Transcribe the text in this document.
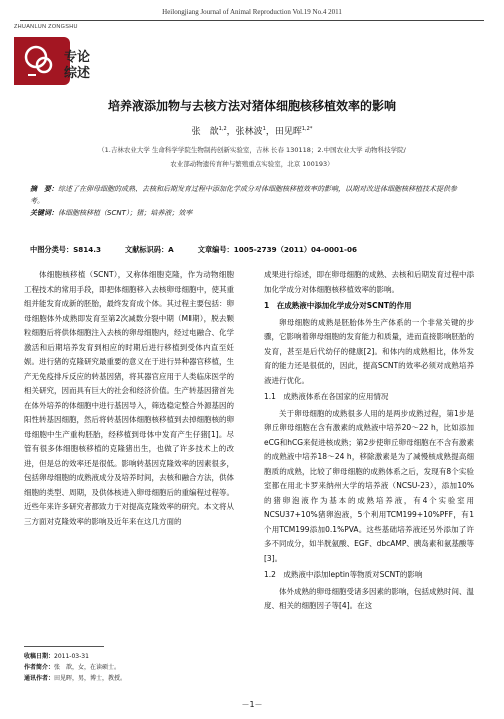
Heilongjiang Journal of Animal Reproduction Vol.19 No.4 2011
ZHUANLUN ZONGSHU
专论
综述
培养液添加物与去核方法对猪体细胞核移植效率的影响
张　歆$^{1,2}$，张林波$^1$，田见晖$^{1,2*}$
（1.吉林农业大学 生命科学学院生物制药创新实验室，吉林 长春 130118；2.中国农业大学 动物科技学院/
农业部动物遗传育种与繁殖重点实验室，北京 100193）
摘　要：综述了在卵母细胞的成熟、去核和后期发育过程中添加化学成分对体细胞核移植效率的影响，以期对改进体细胞核移植技术提供参考。
关键词：体细胞核移植（SCNT）；猪；培养液；效率
中图分类号：S814.3	文献标识码：A	文章编号：1005-2739（2011）04-0001-06

体细胞核移植（SCNT），又称体细胞克隆，作为动物细胞工程技术的常用手段，即把体细胞移入去核卵母细胞中，使其重组并能发育成新的胚胎，最终发育成个体。其过程主要包括：卵母细胞体外成熟即发育至第2次减数分裂中期（MⅡ期），脱去颗粒细胞后将供体细胞注入去核的卵母细胞内，经过电融合、化学激活和后期培养发育到相应的时期后进行移植到受体内直至妊娠。进行猪的克隆研究最重要的意义在于进行异种器官移植，生产无免疫排斥反应的转基因猪，将其器官应用于人类临床医学的相关研究，因而具有巨大的社会和经济价值。生产转基因猪首先在体外培养的体细胞中进行基因导入，筛选稳定整合外源基因的阳性转基因细胞，然后将转基因体细胞核移植到去掉细胞核的卵母细胞中生产重构胚胎，经移植到母体中发育产生仔猪[1]。尽管有很多体细胞核移植的克隆猪出生，也做了许多技术上的改进，但是总的效率还是很低。影响转基因克隆效率的因素很多，包括卵母细胞的成熟液成分及培养时间，去核和融合方法，供体细胞的类型、周期，及供体核进入卵母细胞后的重编程过程等。近些年来许多研究者都致力于对提高克隆效率的研究。本文将从三方面对克隆效率的影响及近年来在这几方面的

成果进行综述，即在卵母细胞的成熟、去核和后期发育过程中添加化学成分对体细胞核移植效率的影响。

1　在成熟液中添加化学成分对SCNT的作用

卵母细胞的成熟是胚胎体外生产体系的一个非常关键的步骤，它影响着卵母细胞的发育能力和质量，进而直接影响胚胎的发育，甚至是后代幼仔的健康[2]。和体内的成熟相比，体外发育的能力还是很低的，因此，提高SCNT的效率必须对成熟培养液进行优化。

1.1　成熟液体系在各国家的应用情况

关于卵母细胞的成熟很多人用的是两步成熟过程，第1步是卵丘卵母细胞在含有激素的成熟液中培养20～22 h，比如添加eCG和hCG来促进核成熟；第2步使卵丘卵母细胞在不含有激素的成熟液中培养18～24 h，移除激素是为了减慢核成熟提高细胞质的成熟，比较了卵母细胞的成熟体系之后，发现有8个实验室都在用北卡罗来纳州大学的培养液（NCSU-23），添加10%的猪卵泡液作为基本的成熟培养液，有4个实验室用NCSU37+10%猪卵泡液，5个利用TCM199+10%PFF，有1个用TCM199添加0.1%PVA。这些基础培养液还另外添加了许多不同成分，如半胱氨酸、EGF、dbcAMP、胰岛素和氨基酸等[3]。

1.2　成熟液中添加leptin等物质对SCNT的影响

体外成熟的卵母细胞受诸多因素的影响，包括成熟时间、温度、相关的细胞因子等[4]。在这

收稿日期：2011-03-31
作者简介：张　歆，女，在读硕士。
通讯作者：田见晖，男，博士，教授。
－1－
